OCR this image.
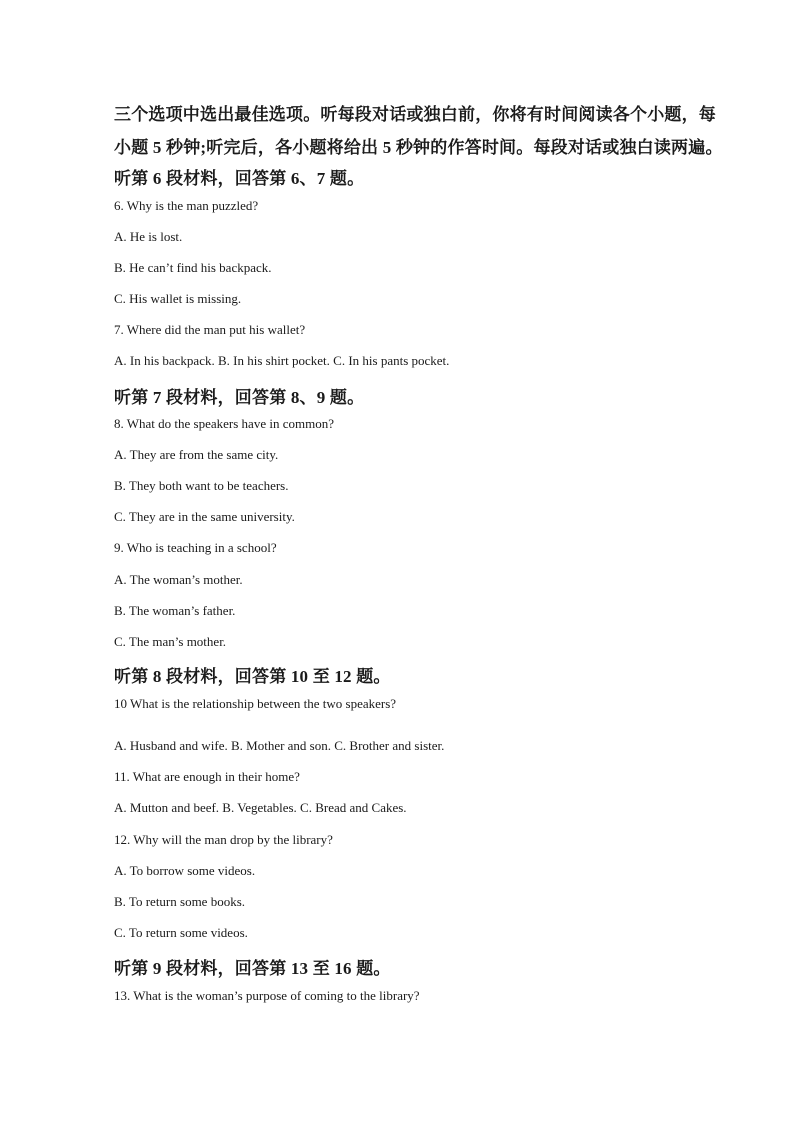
三个选项中选出最佳选项。听每段对话或独白前，你将有时间阅读各个小题，每
小题 5 秒钟;听完后，各小题将给出 5 秒钟的作答时间。每段对话或独白读两遍。
听第 6 段材料，回答第 6、7 题。
6. Why is the man puzzled?
A. He is lost.
B. He can’t find his backpack.
C. His wallet is missing.
7. Where did the man put his wallet?
A. In his backpack. B. In his shirt pocket. C. In his pants pocket.
听第 7 段材料，回答第 8、9 题。
8. What do the speakers have in common?
A. They are from the same city.
B. They both want to be teachers.
C. They are in the same university.
9. Who is teaching in a school?
A. The woman’s mother.
B. The woman’s father.
C. The man’s mother.
听第 8 段材料，回答第 10 至 12 题。
10 What is the relationship between the two speakers?
A. Husband and wife. B. Mother and son. C. Brother and sister.
11. What are enough in their home?
A. Mutton and beef. B. Vegetables. C. Bread and Cakes.
12. Why will the man drop by the library?
A. To borrow some videos.
B. To return some books.
C. To return some videos.
听第 9 段材料，回答第 13 至 16 题。
13. What is the woman’s purpose of coming to the library?
